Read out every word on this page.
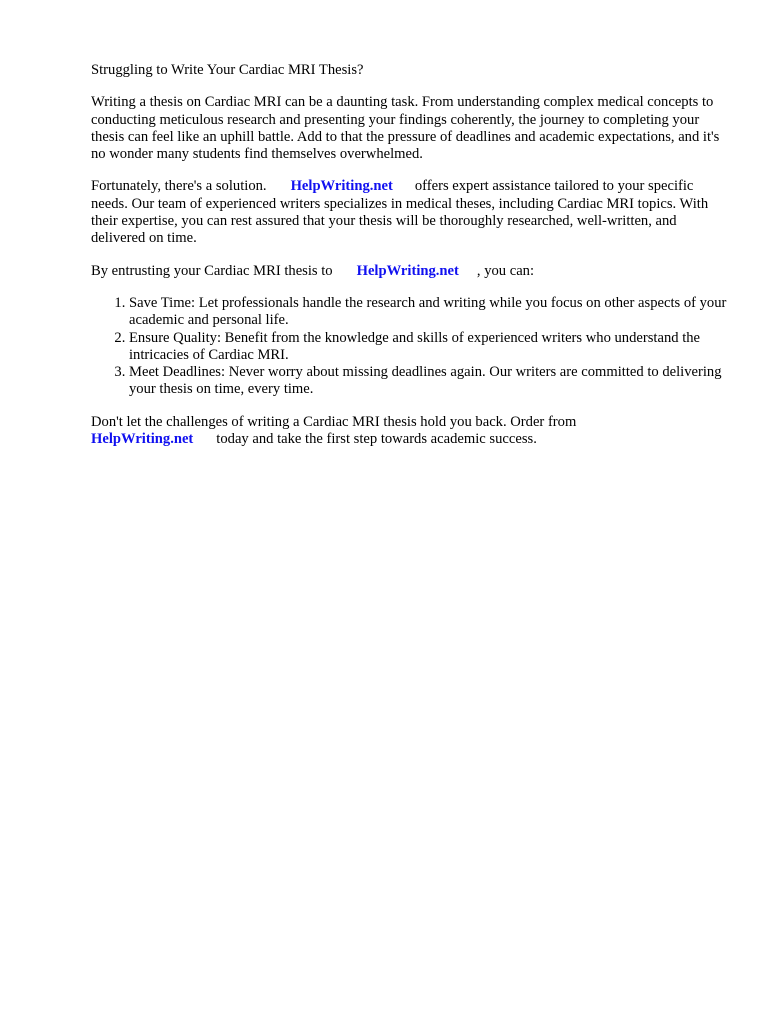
Struggling to Write Your Cardiac MRI Thesis?

Writing a thesis on Cardiac MRI can be a daunting task. From understanding complex medical concepts to conducting meticulous research and presenting your findings coherently, the journey to completing your thesis can feel like an uphill battle. Add to that the pressure of deadlines and academic expectations, and it's no wonder many students find themselves overwhelmed.

Fortunately, there's a solution. HelpWriting.net offers expert assistance tailored to your specific needs. Our team of experienced writers specializes in medical theses, including Cardiac MRI topics. With their expertise, you can rest assured that your thesis will be thoroughly researched, well-written, and delivered on time.

By entrusting your Cardiac MRI thesis to HelpWriting.net , you can:

1. Save Time: Let professionals handle the research and writing while you focus on other aspects of your academic and personal life.
2. Ensure Quality: Benefit from the knowledge and skills of experienced writers who understand the intricacies of Cardiac MRI.
3. Meet Deadlines: Never worry about missing deadlines again. Our writers are committed to delivering your thesis on time, every time.

Don't let the challenges of writing a Cardiac MRI thesis hold you back. Order from
HelpWriting.net today and take the first step towards academic success.
